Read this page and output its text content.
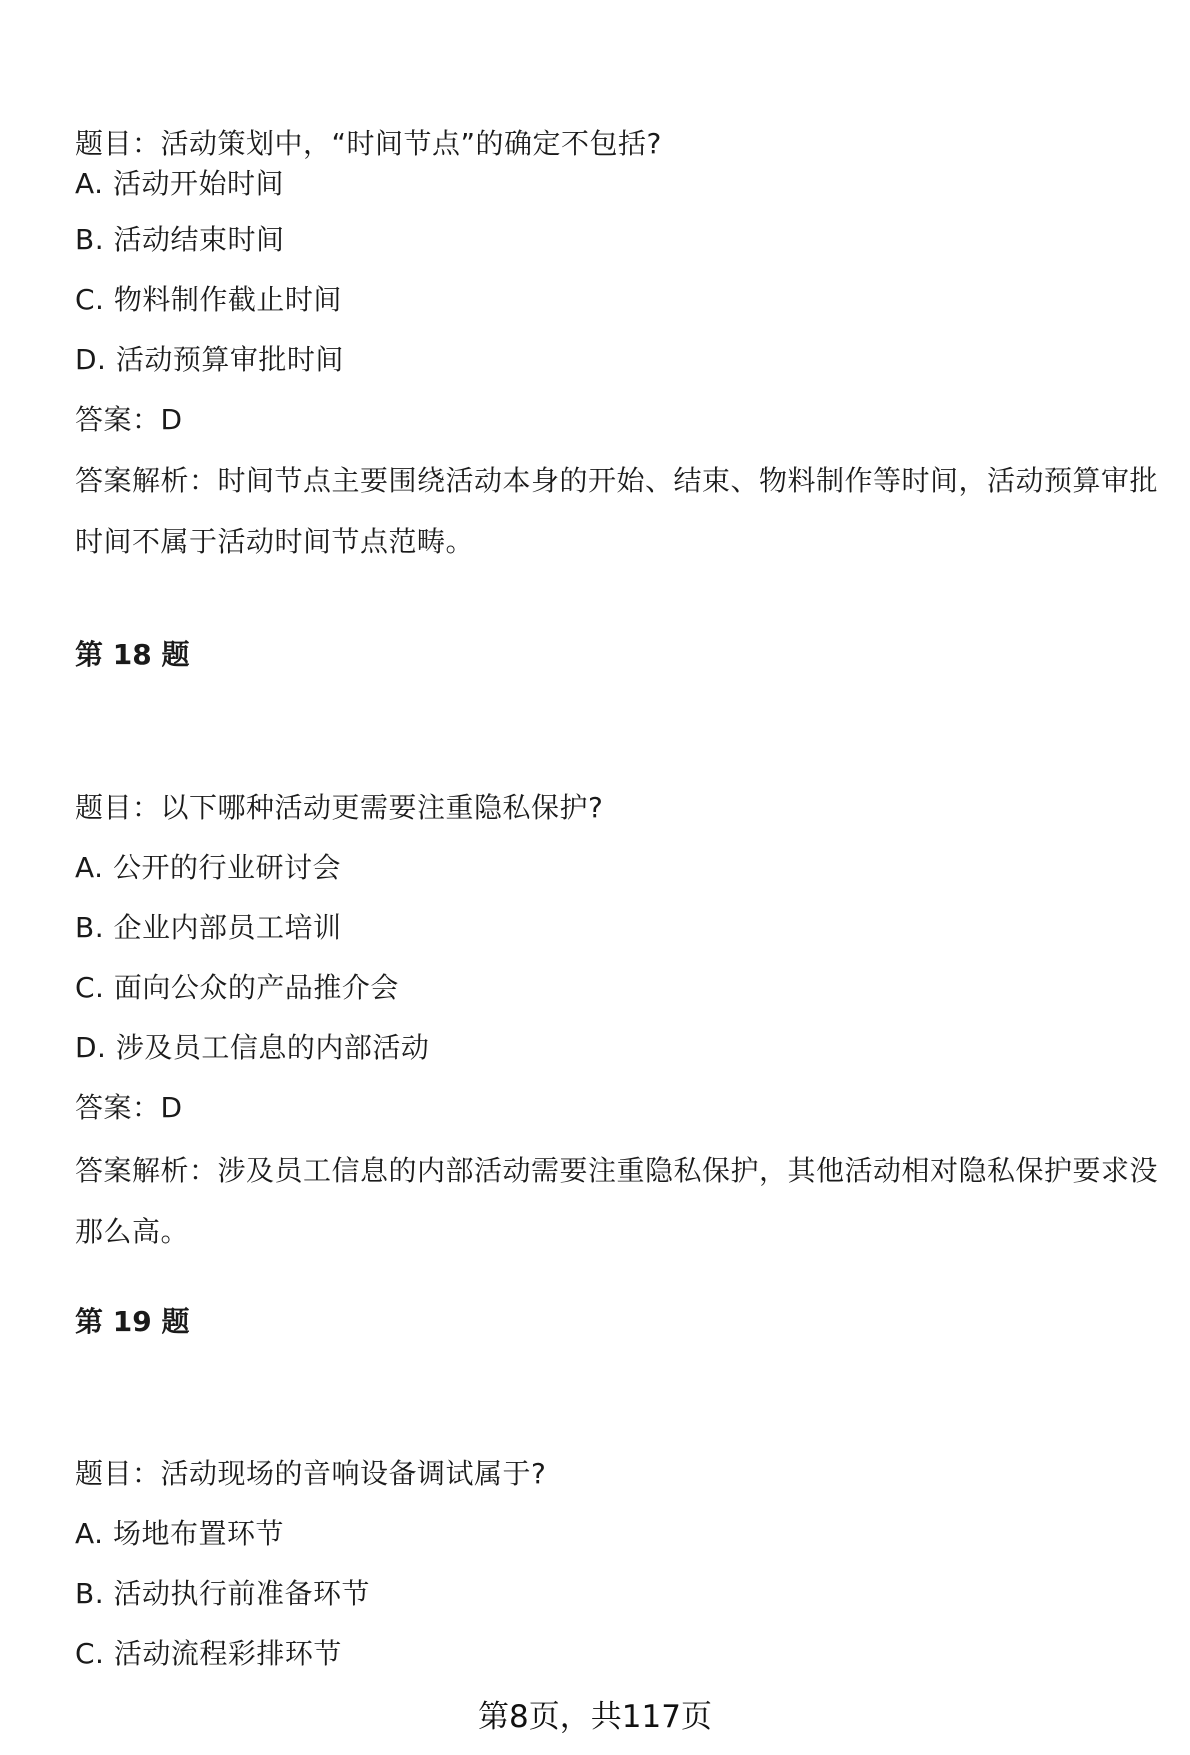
题目：活动策划中，“时间节点”的确定不包括?
A. 活动开始时间
B. 活动结束时间
C. 物料制作截止时间
D. 活动预算审批时间
答案：D
答案解析：时间节点主要围绕活动本身的开始、结束、物料制作等时间，活动预算审批时间不属于活动时间节点范畴。
第 18 题
题目：以下哪种活动更需要注重隐私保护?
A. 公开的行业研讨会
B. 企业内部员工培训
C. 面向公众的产品推介会
D. 涉及员工信息的内部活动
答案：D
答案解析：涉及员工信息的内部活动需要注重隐私保护，其他活动相对隐私保护要求没那么高。
第 19 题
题目：活动现场的音响设备调试属于?
A. 场地布置环节
B. 活动执行前准备环节
C. 活动流程彩排环节
第8页，共117页
